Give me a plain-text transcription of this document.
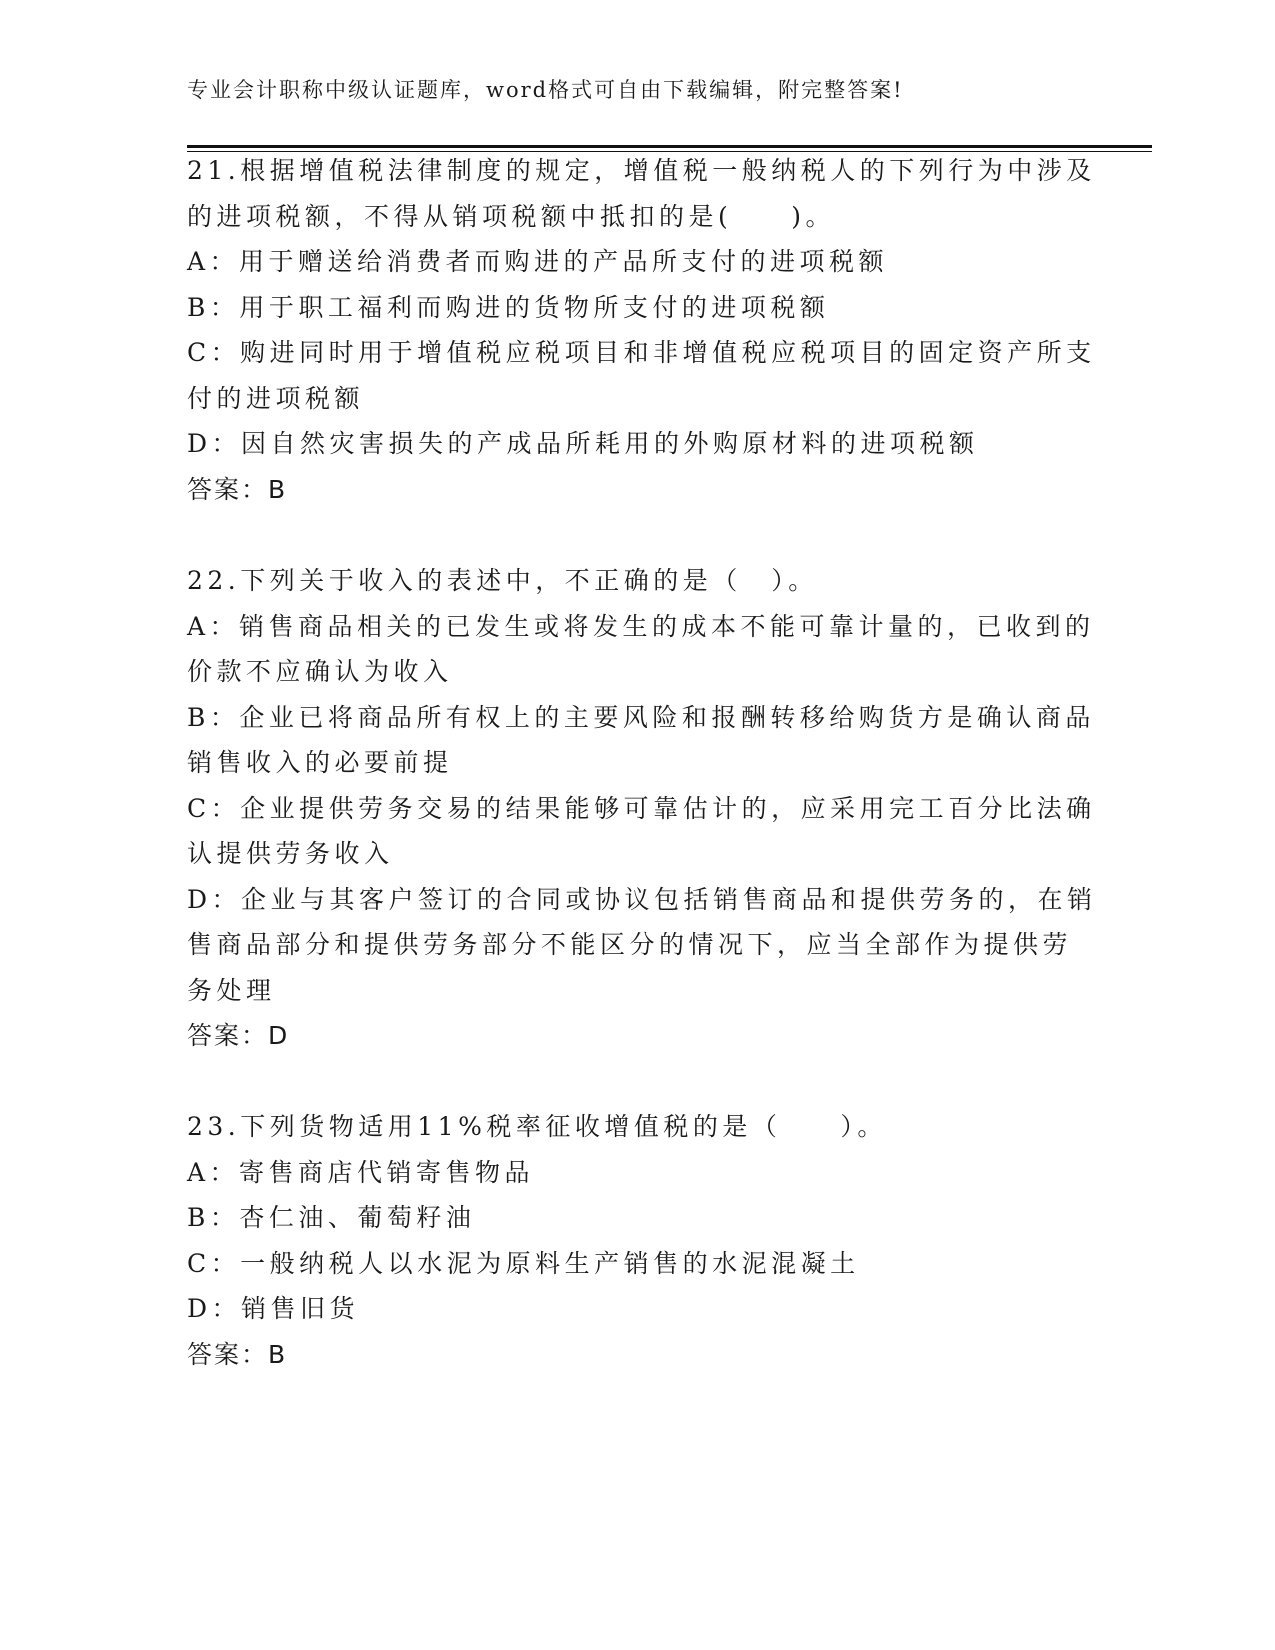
专业会计职称中级认证题库，word格式可自由下载编辑，附完整答案!
21.根据增值税法律制度的规定，增值税一般纳税人的下列行为中涉及
的进项税额，不得从销项税额中抵扣的是(　　)。
A：用于赠送给消费者而购进的产品所支付的进项税额
B：用于职工福利而购进的货物所支付的进项税额
C：购进同时用于增值税应税项目和非增值税应税项目的固定资产所支
付的进项税额
D：因自然灾害损失的产成品所耗用的外购原材料的进项税额
答案：B
22.下列关于收入的表述中，不正确的是（　）。
A：销售商品相关的已发生或将发生的成本不能可靠计量的，已收到的
价款不应确认为收入
B：企业已将商品所有权上的主要风险和报酬转移给购货方是确认商品
销售收入的必要前提
C：企业提供劳务交易的结果能够可靠估计的，应采用完工百分比法确
认提供劳务收入
D：企业与其客户签订的合同或协议包括销售商品和提供劳务的，在销
售商品部分和提供劳务部分不能区分的情况下，应当全部作为提供劳
务处理
答案：D
23.下列货物适用11%税率征收增值税的是（　　）。
A：寄售商店代销寄售物品
B：杏仁油、葡萄籽油
C：一般纳税人以水泥为原料生产销售的水泥混凝土
D：销售旧货
答案：B
